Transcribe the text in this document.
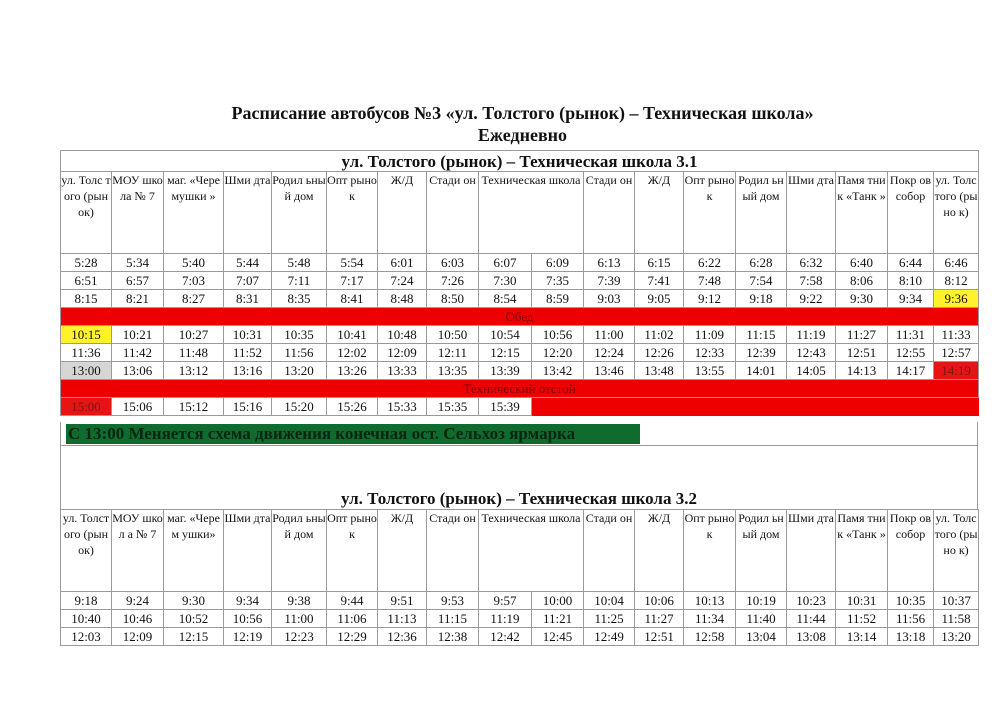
Расписание автобусов №3 «ул. Толстого (рынок) – Техническая школа»
Ежедневно
ул. Толстого (рынок) – Техническая школа 3.1																	
ул. Толс того (рын ок)	МОУ школа № 7	маг. «Чере мушки »	Шми дта	Родил ьный дом	Опт рыно к	Ж/Д	Стади он	Техническая школа		Стади он	Ж/Д	Опт рыно к	Родил ьный дом	Шми дта	Памя тник «Танк »	Покр ов собор	ул. Толстого (рыно к)
5:28	5:34	5:40	5:44	5:48	5:54	6:01	6:03	6:07	6:09	6:13	6:15	6:22	6:28	6:32	6:40	6:44	6:46
6:51	6:57	7:03	7:07	7:11	7:17	7:24	7:26	7:30	7:35	7:39	7:41	7:48	7:54	7:58	8:06	8:10	8:12
8:15	8:21	8:27	8:31	8:35	8:41	8:48	8:50	8:54	8:59	9:03	9:05	9:12	9:18	9:22	9:30	9:34	9:36
Обед																	
10:15	10:21	10:27	10:31	10:35	10:41	10:48	10:50	10:54	10:56	11:00	11:02	11:09	11:15	11:19	11:27	11:31	11:33
11:36	11:42	11:48	11:52	11:56	12:02	12:09	12:11	12:15	12:20	12:24	12:26	12:33	12:39	12:43	12:51	12:55	12:57
13:00	13:06	13:12	13:16	13:20	13:26	13:33	13:35	13:39	13:42	13:46	13:48	13:55	14:01	14:05	14:13	14:17	14:19
Технический отстой																	
15:00	15:06	15:12	15:16	15:20	15:26	15:33	15:35	15:39									
С 13:00 Меняется схема движения конечная ост. Сельхоз ярмарка
ул. Толстого (рынок) – Техническая школа 3.2
ул. Толст ого (рын ок)	МОУ школ а № 7	маг. «Черем ушки»	Шми дта	Родил ьный дом	Опт рыно к	Ж/Д	Стади он	Техническая школа		Стади он	Ж/Д	Опт рыно к	Родил ьный дом	Шми дта	Памя тник «Танк »	Покр ов собор	ул. Толстого (рыно к)
9:18	9:24	9:30	9:34	9:38	9:44	9:51	9:53	9:57	10:00	10:04	10:06	10:13	10:19	10:23	10:31	10:35	10:37
10:40	10:46	10:52	10:56	11:00	11:06	11:13	11:15	11:19	11:21	11:25	11:27	11:34	11:40	11:44	11:52	11:56	11:58
12:03	12:09	12:15	12:19	12:23	12:29	12:36	12:38	12:42	12:45	12:49	12:51	12:58	13:04	13:08	13:14	13:18	13:20
